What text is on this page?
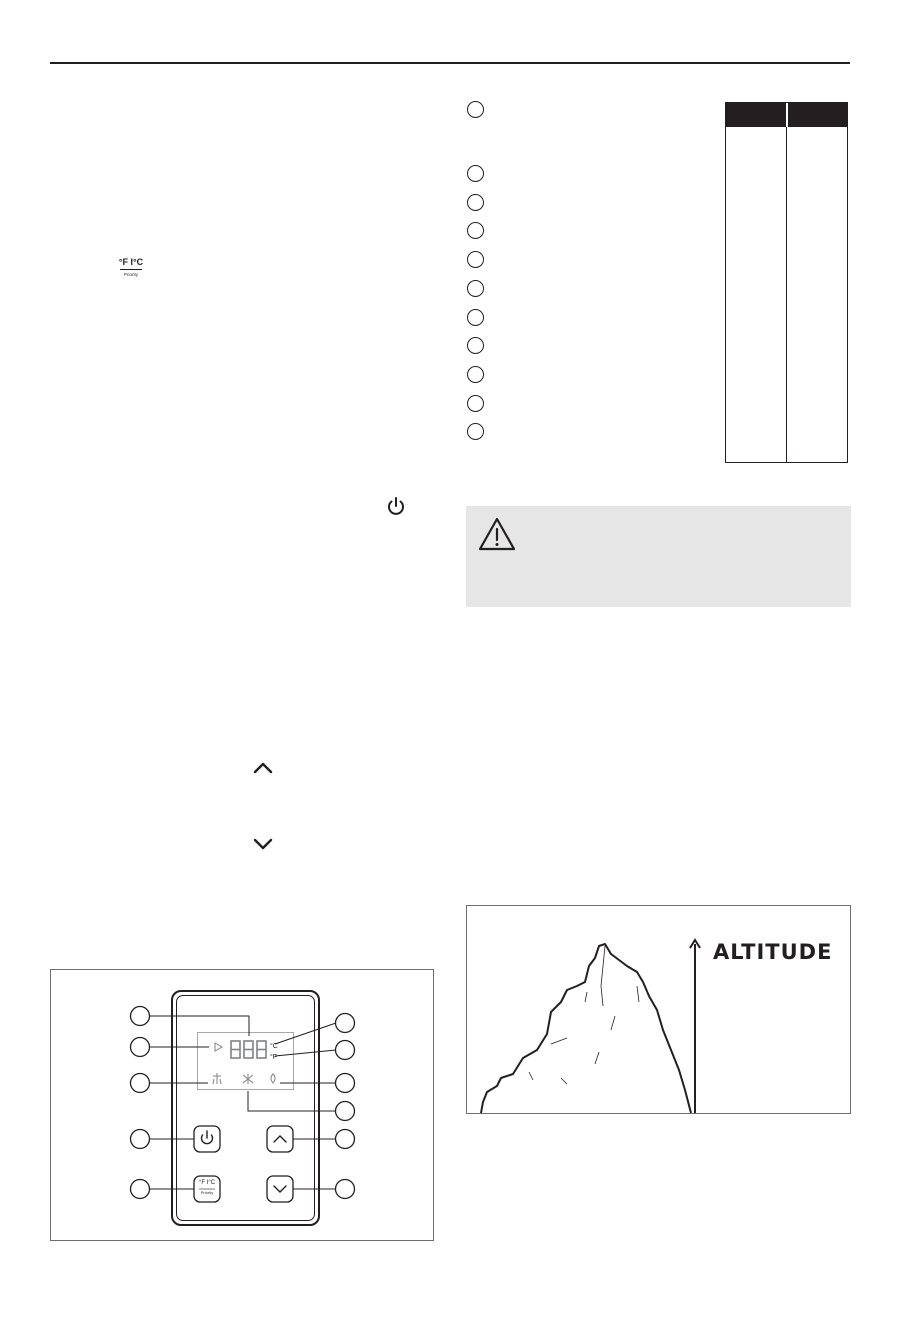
°F I°C
Priority
ALTITUDE
°C
°F
°F I°C
Priority
